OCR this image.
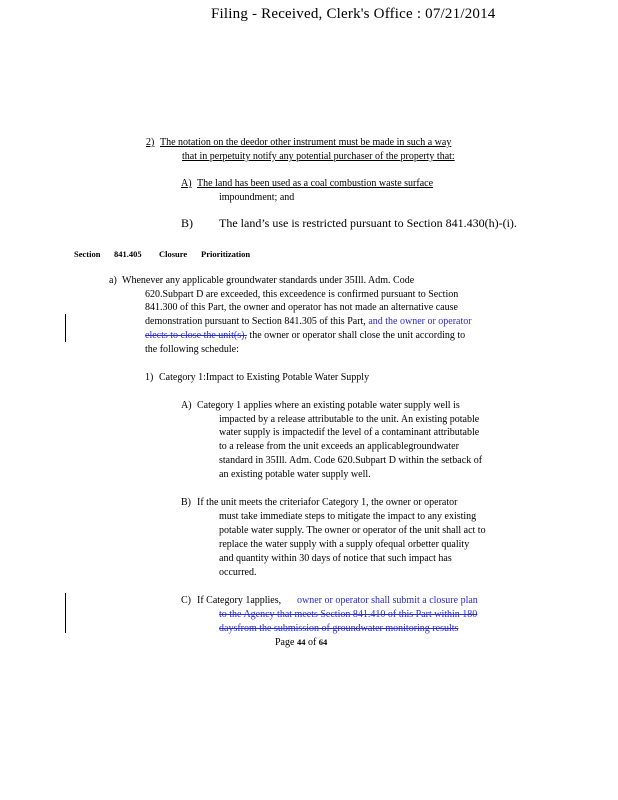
Filing - Received, Clerk's Office : 07/21/2014
2) The notation on the deedor other instrument must be made in such a way
that in perpetuity notify any potential purchaser of the property that:
A) The land has been used as a coal combustion waste surface
impoundment; and
B) The land’s use is restricted pursuant to Section 841.430(h)-(i).
Section 841.405 Closure Prioritization
a) Whenever any applicable groundwater standards under 35Ill. Adm. Code
620.Subpart D are exceeded, this exceedence is confirmed pursuant to Section
841.300 of this Part, the owner and operator has not made an alternative cause
demonstration pursuant to Section 841.305 of this Part, and the owner or operator
elects to close the unit(s), the owner or operator shall close the unit according to
the following schedule:
1) Category 1:Impact to Existing Potable Water Supply
A) Category 1 applies where an existing potable water supply well is
impacted by a release attributable to the unit. An existing potable
water supply is impactedif the level of a contaminant attributable
to a release from the unit exceeds an applicablegroundwater
standard in 35Ill. Adm. Code 620.Subpart D within the setback of
an existing potable water supply well.
B) If the unit meets the criteriafor Category 1, the owner or operator
must take immediate steps to mitigate the impact to any existing
potable water supply. The owner or operator of the unit shall act to
replace the water supply with a supply ofequal orbetter quality
and quantity within 30 days of notice that such impact has
occurred.
C) If Category 1applies, owner or operator shall submit a closure plan
to the Agency that meets Section 841.410 of this Part within 180
daysfrom the submission of groundwater monitoring results
Page 44 of 64
